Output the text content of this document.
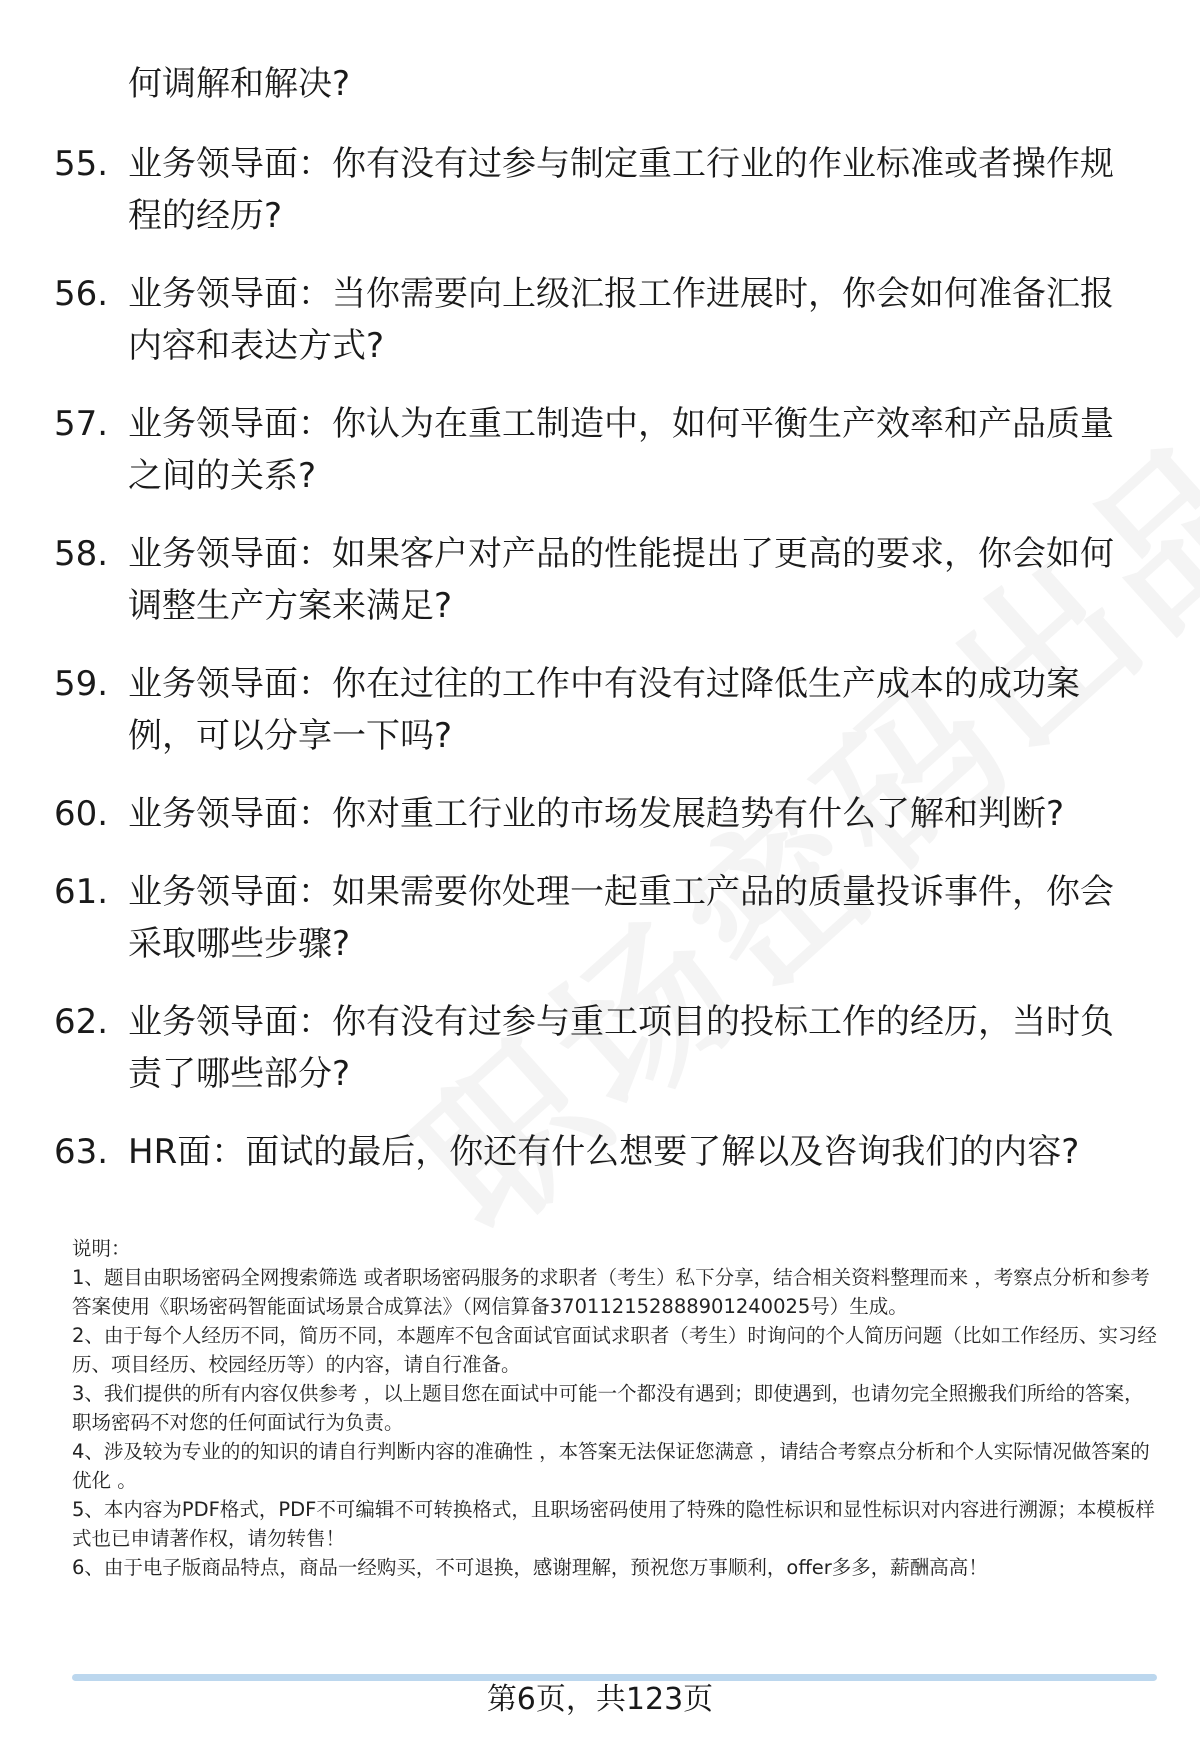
何调解和解决?
55. 业务领导面：你有没有过参与制定重工行业的作业标准或者操作规程的经历?
56. 业务领导面：当你需要向上级汇报工作进展时，你会如何准备汇报内容和表达方式?
57. 业务领导面：你认为在重工制造中，如何平衡生产效率和产品质量之间的关系?
58. 业务领导面：如果客户对产品的性能提出了更高的要求，你会如何调整生产方案来满足?
59. 业务领导面：你在过往的工作中有没有过降低生产成本的成功案例，可以分享一下吗?
60. 业务领导面：你对重工行业的市场发展趋势有什么了解和判断?
61. 业务领导面：如果需要你处理一起重工产品的质量投诉事件，你会采取哪些步骤?
62. 业务领导面：你有没有过参与重工项目的投标工作的经历，当时负责了哪些部分?
63. HR面：面试的最后，你还有什么想要了解以及咨询我们的内容?

说明：

1、题目由职场密码全网搜索筛选 或者职场密码服务的求职者（考生）私下分享，结合相关资料整理而来 ，考察点分析和参考答案使用《职场密码智能面试场景合成算法》（网信算备370112152888901240025号）生成。

2、由于每个人经历不同，简历不同，本题库不包含面试官面试求职者（考生）时询问的个人简历问题（比如工作经历、实习经历、项目经历、校园经历等）的内容，请自行准备。

3、我们提供的所有内容仅供参考 ，以上题目您在面试中可能一个都没有遇到；即使遇到，也请勿完全照搬我们所给的答案，职场密码不对您的任何面试行为负责。

4、涉及较为专业的的知识的请自行判断内容的准确性 ，本答案无法保证您满意 ，请结合考察点分析和个人实际情况做答案的优化 。

5、本内容为PDF格式，PDF不可编辑不可转换格式，且职场密码使用了特殊的隐性标识和显性标识对内容进行溯源；本模板样式也已申请著作权，请勿转售！

6、由于电子版商品特点，商品一经购买，不可退换，感谢理解，预祝您万事顺利，offer多多，薪酬高高！

第6页，共123页
